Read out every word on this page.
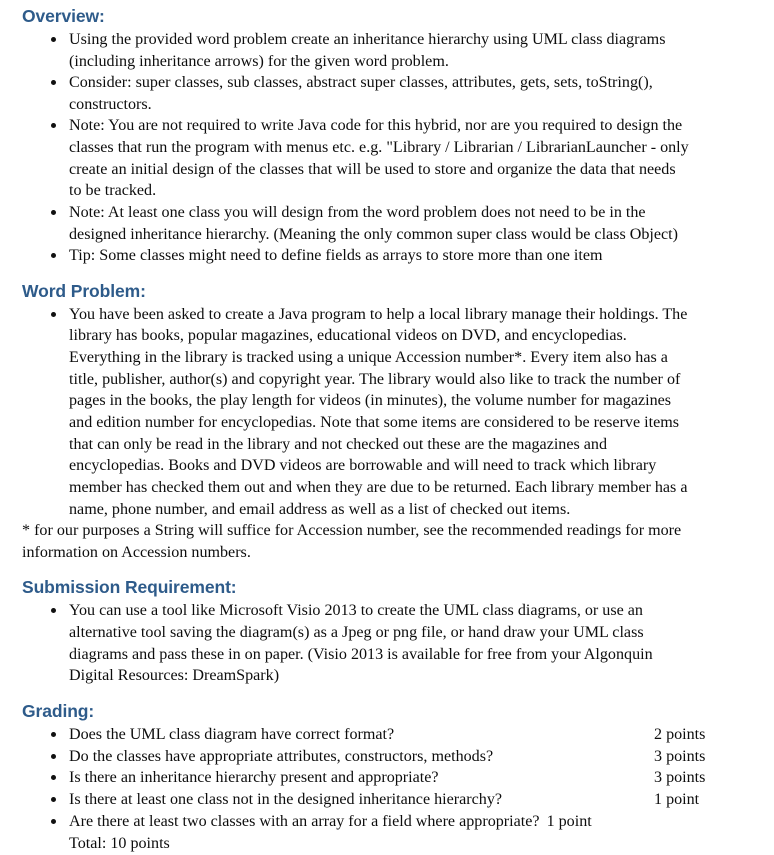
Overview:
Using the provided word problem create an inheritance hierarchy using UML class diagrams (including inheritance arrows) for the given word problem.
Consider: super classes, sub classes, abstract super classes, attributes, gets, sets, toString(), constructors.
Note: You are not required to write Java code for this hybrid, nor are you required to design the classes that run the program with menus etc. e.g. "Library / Librarian / LibrarianLauncher - only create an initial design of the classes that will be used to store and organize the data that needs to be tracked.
Note: At least one class you will design from the word problem does not need to be in the designed inheritance hierarchy. (Meaning the only common super class would be class Object)
Tip: Some classes might need to define fields as arrays to store more than one item
Word Problem:
You have been asked to create a Java program to help a local library manage their holdings. The library has books, popular magazines, educational videos on DVD, and encyclopedias. Everything in the library is tracked using a unique Accession number*. Every item also has a title, publisher, author(s) and copyright year. The library would also like to track the number of pages in the books, the play length for videos (in minutes), the volume number for magazines and edition number for encyclopedias. Note that some items are considered to be reserve items that can only be read in the library and not checked out these are the magazines and encyclopedias. Books and DVD videos are borrowable and will need to track which library member has checked them out and when they are due to be returned. Each library member has a name, phone number, and email address as well as a list of checked out items.

* for our purposes a String will suffice for Accession number, see the recommended readings for more information on Accession numbers.

Submission Requirement:
You can use a tool like Microsoft Visio 2013 to create the UML class diagrams, or use an alternative tool saving the diagram(s) as a Jpeg or png file, or hand draw your UML class diagrams and pass these in on paper. (Visio 2013 is available for free from your Algonquin Digital Resources: DreamSpark)
Grading:
Does the UML class diagram have correct format?	2 points
Do the classes have appropriate attributes, constructors, methods?	3 points
Is there an inheritance hierarchy present and appropriate?	3 points
Is there at least one class not in the designed inheritance hierarchy?	1 point
Are there at least two classes with an array for a field where appropriate? 1 point
Total: 10 points
